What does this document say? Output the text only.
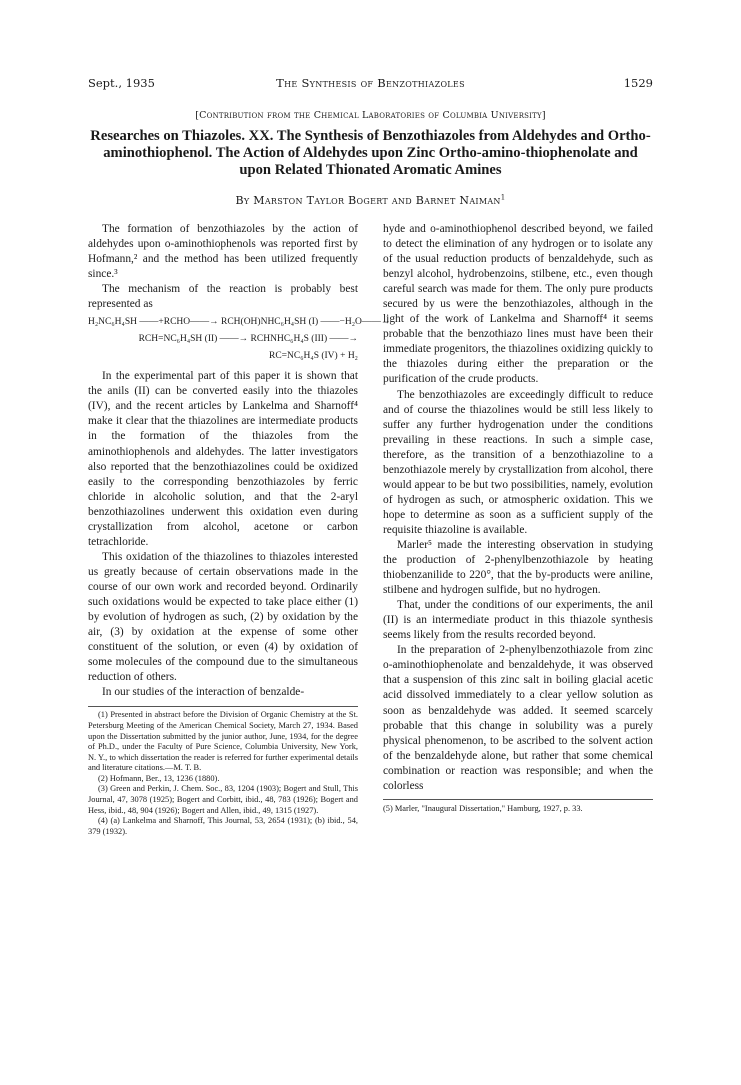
Sept., 1935	The Synthesis of Benzothiazoles	1529
[Contribution from the Chemical Laboratories of Columbia University]
Researches on Thiazoles. XX. The Synthesis of Benzothiazoles from Aldehydes and Ortho-aminothiophenol. The Action of Aldehydes upon Zinc Ortho-amino-thiophenolate and upon Related Thionated Aromatic Amines
By Marston Taylor Bogert and Barnet Naiman$^1$

The formation of benzothiazoles by the action of aldehydes upon o-aminothiophenols was reported first by Hofmann,² and the method has been utilized frequently since.³

The mechanism of the reaction is probably best represented as

H₂NC₆H₄SH ——+RCHO——→ RCH(OH)NHC₆H₄SH (I) ——−H₂O——→
RCH=NC₆H₄SH (II) ——→ RCHNHC₆H₄S (III) ——→
RC=NC₆H₄S (IV) + H₂

In the experimental part of this paper it is shown that the anils (II) can be converted easily into the thiazoles (IV), and the recent articles by Lankelma and Sharnoff⁴ make it clear that the thiazolines are intermediate products in the formation of the thiazoles from the aminothiophenols and aldehydes. The latter investigators also reported that the benzothiazolines could be oxidized easily to the corresponding benzothiazoles by ferric chloride in alcoholic solution, and that the 2-aryl benzothiazolines underwent this oxidation even during crystallization from alcohol, acetone or carbon tetrachloride.

This oxidation of the thiazolines to thiazoles interested us greatly because of certain observations made in the course of our own work and recorded beyond. Ordinarily such oxidations would be expected to take place either (1) by evolution of hydrogen as such, (2) by oxidation by the air, (3) by oxidation at the expense of some other constituent of the solution, or even (4) by oxidation of some molecules of the compound due to the simultaneous reduction of others.

In our studies of the interaction of benzalde-

(1) Presented in abstract before the Division of Organic Chemistry at the St. Petersburg Meeting of the American Chemical Society, March 27, 1934. Based upon the Dissertation submitted by the junior author, June, 1934, for the degree of Ph.D., under the Faculty of Pure Science, Columbia University, New York, N. Y., to which dissertation the reader is referred for further experimental details and literature citations.—M. T. B.
(2) Hofmann, Ber., 13, 1236 (1880).
(3) Green and Perkin, J. Chem. Soc., 83, 1204 (1903); Bogert and Stull, This Journal, 47, 3078 (1925); Bogert and Corbitt, ibid., 48, 783 (1926); Bogert and Hess, ibid., 48, 904 (1926); Bogert and Allen, ibid., 49, 1315 (1927).
(4) (a) Lankelma and Sharnoff, This Journal, 53, 2654 (1931); (b) ibid., 54, 379 (1932).

hyde and o-aminothiophenol described beyond, we failed to detect the elimination of any hydrogen or to isolate any of the usual reduction products of benzaldehyde, such as benzyl alcohol, hydrobenzoins, stilbene, etc., even though careful search was made for them. The only pure products secured by us were the benzothiazoles, although in the light of the work of Lankelma and Sharnoff⁴ it seems probable that the benzothiazo lines must have been their immediate progenitors, the thiazolines oxidizing quickly to the thiazoles during either the preparation or the purification of the crude products.

The benzothiazoles are exceedingly difficult to reduce and of course the thiazolines would be still less likely to suffer any further hydrogenation under the conditions prevailing in these reactions. In such a simple case, therefore, as the transition of a benzothiazoline to a benzothiazole merely by crystallization from alcohol, there would appear to be but two possibilities, namely, evolution of hydrogen as such, or atmospheric oxidation. This we hope to determine as soon as a sufficient supply of the requisite thiazoline is available.

Marler⁵ made the interesting observation in studying the production of 2-phenylbenzothiazole by heating thiobenzanilide to 220°, that the by-products were aniline, stilbene and hydrogen sulfide, but no hydrogen.

That, under the conditions of our experiments, the anil (II) is an intermediate product in this thiazole synthesis seems likely from the results recorded beyond.

In the preparation of 2-phenylbenzothiazole from zinc o-aminothiophenolate and benzaldehyde, it was observed that a suspension of this zinc salt in boiling glacial acetic acid dissolved immediately to a clear yellow solution as soon as benzaldehyde was added. It seemed scarcely probable that this change in solubility was a purely physical phenomenon, to be ascribed to the solvent action of the benzaldehyde alone, but rather that some chemical combination or reaction was responsible; and when the colorless

(5) Marler, "Inaugural Dissertation," Hamburg, 1927, p. 33.
